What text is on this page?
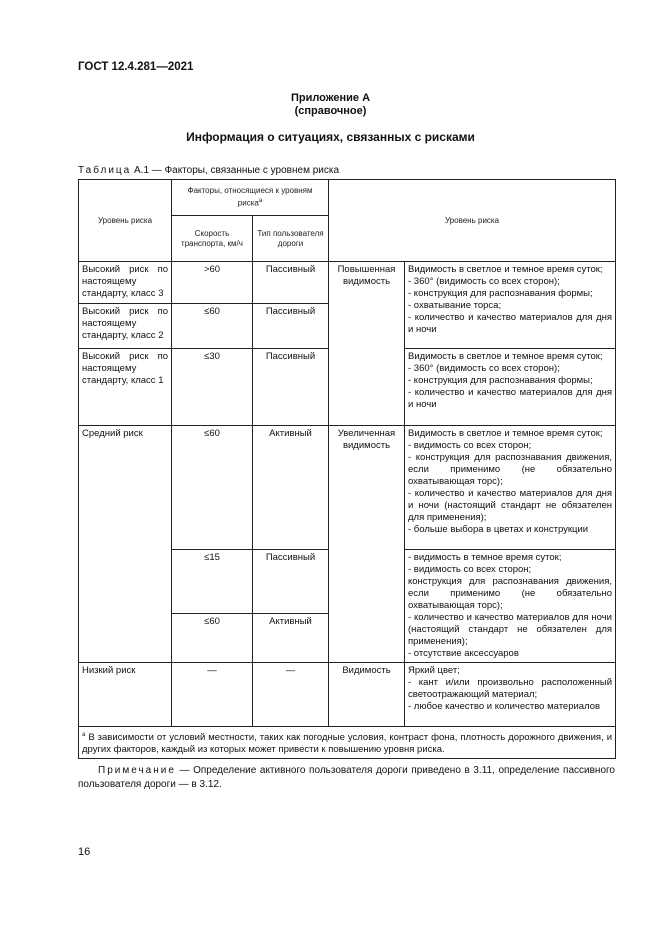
ГОСТ 12.4.281—2021
Приложение А
(справочное)
Информация о ситуациях, связанных с рисками
Таблица А.1 — Факторы, связанные с уровнем риска
Уровень риска	Факторы, относящиеся к уровням риска$^а$		Уровень риска	
	Скорость транспорта, км/ч	Тип пользователя дороги		
Высокий риск по настоящему стандарту, класс 3	>60	Пассивный	Повышенная видимость	Видимость в светлое и темное время суток;
- 360° (видимость со всех сторон);
- конструкция для распознавания формы;
- охватывание торса;
- количество и качество материалов для дня и ночи

Высокий риск по настоящему стандарту, класс 2	≤60	Пассивный		
Высокий риск по настоящему стандарту, класс 1	≤30	Пассивный		Видимость в светлое и темное время суток;
- 360° (видимость со всех сторон);
- конструкция для распознавания формы;
- количество и качество материалов для дня и ночи

Средний риск	≤60	Активный	Увеличенная видимость	Видимость в светлое и темное время суток;
- видимость со всех сторон;
- конструкция для распознавания движения, если применимо (не обязательно охватывающая торс);
- количество и качество материалов для дня и ночи (настоящий стандарт не обязателен для применения);
- больше выбора в цветах и конструкции

	≤15	Пассивный		- видимость в темное время суток;
- видимость со всех сторон;
конструкция для распознавания движения, если применимо (не обязательно охватывающая торс);
- количество и качество материалов для ночи (настоящий стандарт не обязателен для применения);
- отсутствие аксессуаров

	≤60	Активный		
Низкий риск	—	—	Видимость	Яркий цвет;
- кант и/или произвольно расположенный светоотражающий материал;
- любое качество и количество материалов

$^а$ В зависимости от условий местности, таких как погодные условия, контраст фона, плотность дорожного движения, и других факторов, каждый из которых может привести к повышению уровня риска.				
Примечание — Определение активного пользователя дороги приведено в 3.11, определение пассивного пользователя дороги — в 3.12.
16
